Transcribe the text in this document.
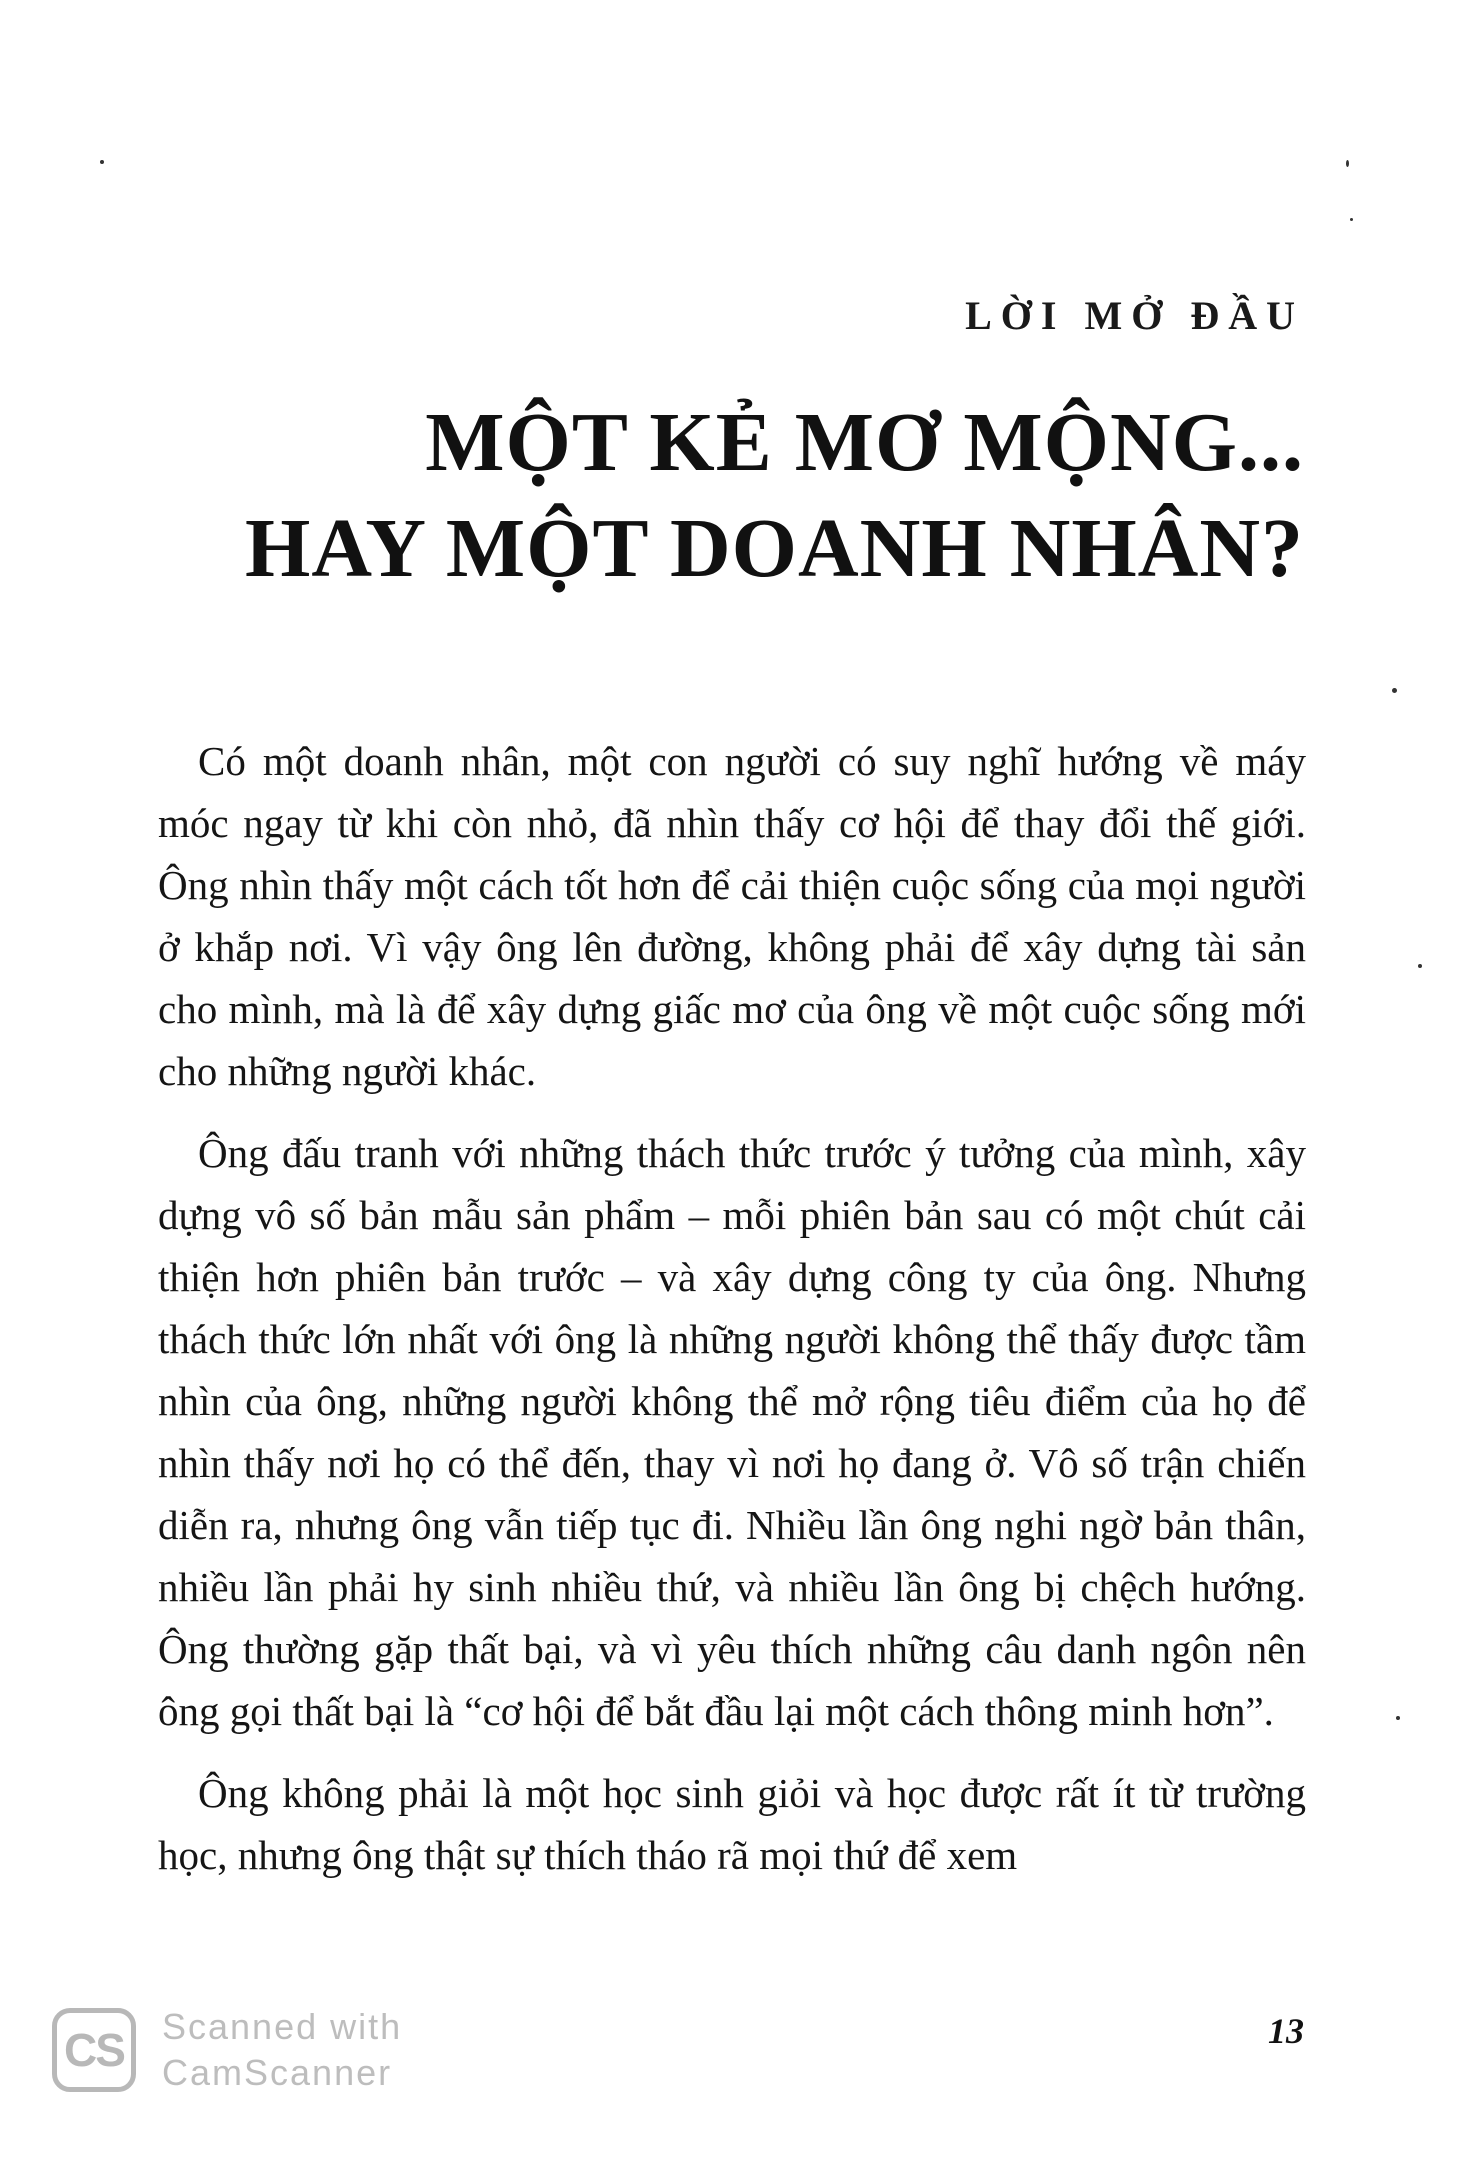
LỜI MỞ ĐẦU
MỘT KẺ MƠ MỘNG...
HAY MỘT DOANH NHÂN?

Có một doanh nhân, một con người có suy nghĩ hướng về máy móc ngay từ khi còn nhỏ, đã nhìn thấy cơ hội để thay đổi thế giới. Ông nhìn thấy một cách tốt hơn để cải thiện cuộc sống của mọi người ở khắp nơi. Vì vậy ông lên đường, không phải để xây dựng tài sản cho mình, mà là để xây dựng giấc mơ của ông về một cuộc sống mới cho những người khác.

Ông đấu tranh với những thách thức trước ý tưởng của mình, xây dựng vô số bản mẫu sản phẩm – mỗi phiên bản sau có một chút cải thiện hơn phiên bản trước – và xây dựng công ty của ông. Nhưng thách thức lớn nhất với ông là những người không thể thấy được tầm nhìn của ông, những người không thể mở rộng tiêu điểm của họ để nhìn thấy nơi họ có thể đến, thay vì nơi họ đang ở. Vô số trận chiến diễn ra, nhưng ông vẫn tiếp tục đi. Nhiều lần ông nghi ngờ bản thân, nhiều lần phải hy sinh nhiều thứ, và nhiều lần ông bị chệch hướng. Ông thường gặp thất bại, và vì yêu thích những câu danh ngôn nên ông gọi thất bại là “cơ hội để bắt đầu lại một cách thông minh hơn”.

Ông không phải là một học sinh giỏi và học được rất ít từ trường học, nhưng ông thật sự thích tháo rã mọi thứ để xem

13
CS	Scanned with
CamScanner
